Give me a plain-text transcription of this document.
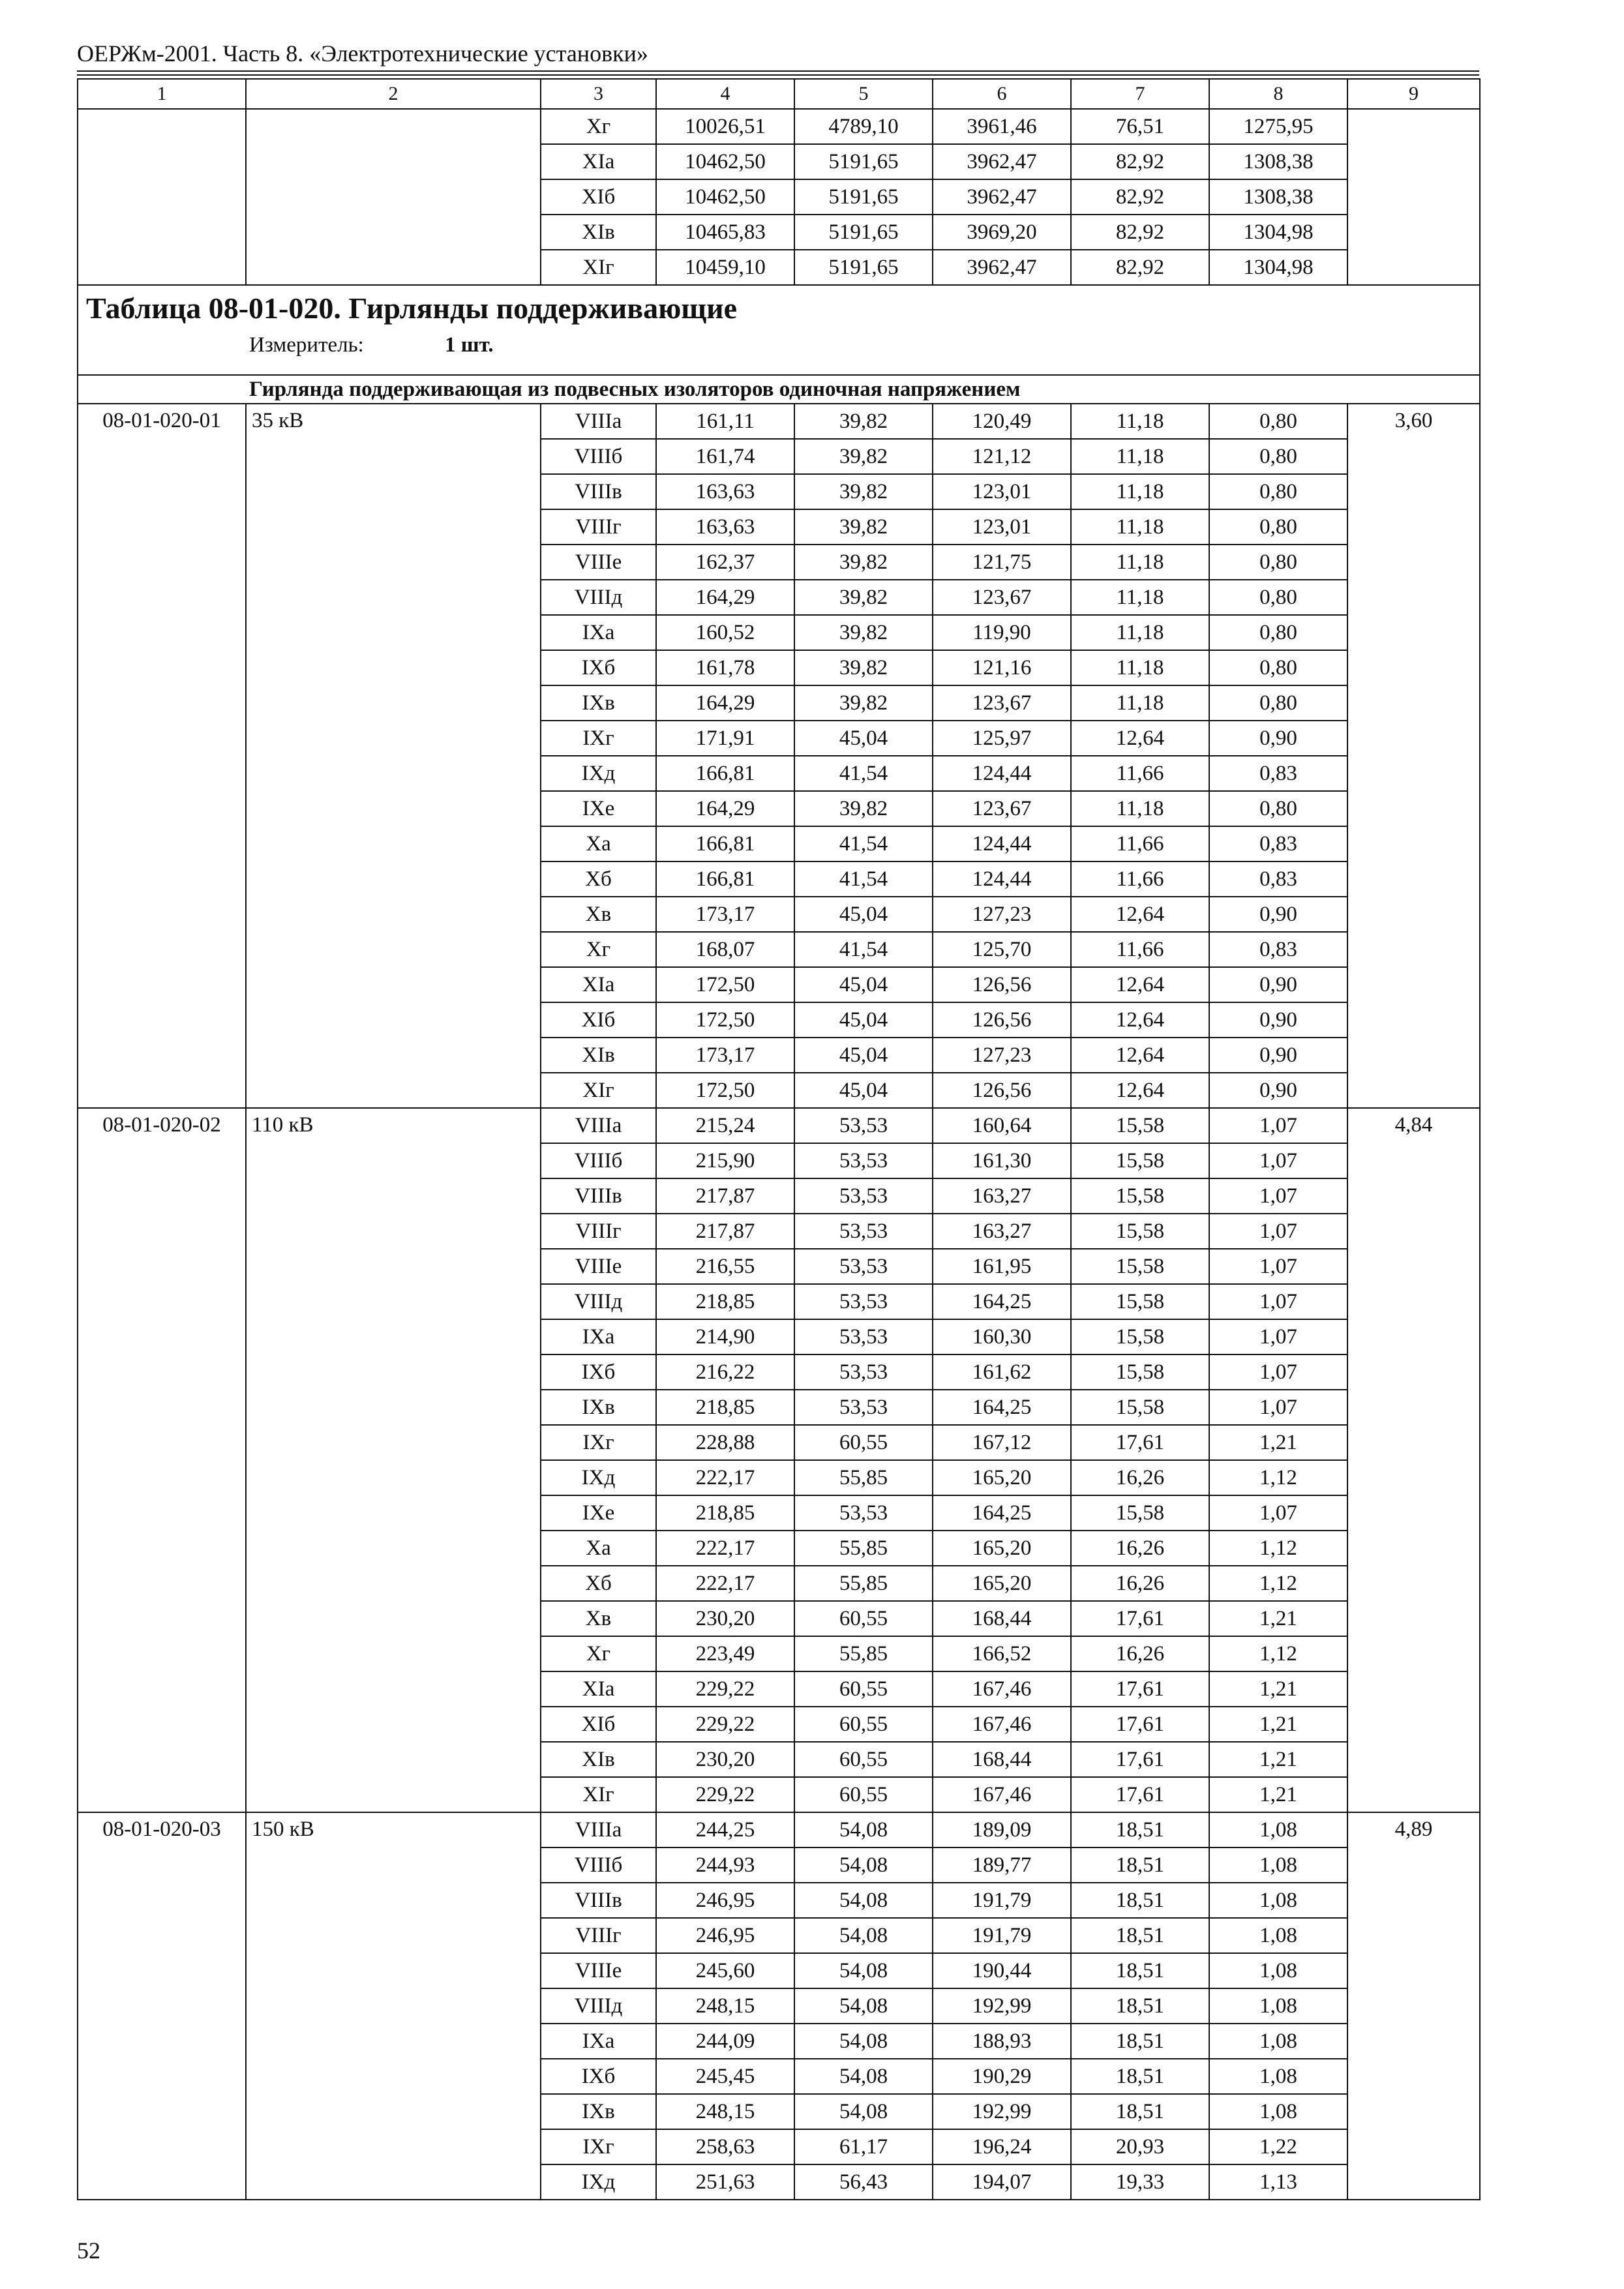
ОЕРЖм-2001. Часть 8. «Электротехнические установки»
1	2	3	4	5	6	7	8	9
		Хг	10026,51	4789,10	3961,46	76,51	1275,95	
		ХIа	10462,50	5191,65	3962,47	82,92	1308,38	
		ХIб	10462,50	5191,65	3962,47	82,92	1308,38	
		ХIв	10465,83	5191,65	3969,20	82,92	1304,98	
		ХIг	10459,10	5191,65	3962,47	82,92	1304,98	

Таблица 08-01-020. Гирлянды поддерживающие
Измеритель: 1 шт.								

Гирлянда поддерживающая из подвесных изоляторов одиночная напряжением								
08-01-020-01	35 кВ	VIIIа	161,11	39,82	120,49	11,18	0,80	3,60
		VIIIб	161,74	39,82	121,12	11,18	0,80	
		VIIIв	163,63	39,82	123,01	11,18	0,80	
		VIIIг	163,63	39,82	123,01	11,18	0,80	
		VIIIе	162,37	39,82	121,75	11,18	0,80	
		VIIIд	164,29	39,82	123,67	11,18	0,80	
		IХа	160,52	39,82	119,90	11,18	0,80	
		IХб	161,78	39,82	121,16	11,18	0,80	
		IХв	164,29	39,82	123,67	11,18	0,80	
		IХг	171,91	45,04	125,97	12,64	0,90	
		IХд	166,81	41,54	124,44	11,66	0,83	
		IХе	164,29	39,82	123,67	11,18	0,80	
		Ха	166,81	41,54	124,44	11,66	0,83	
		Хб	166,81	41,54	124,44	11,66	0,83	
		Хв	173,17	45,04	127,23	12,64	0,90	
		Хг	168,07	41,54	125,70	11,66	0,83	
		ХIа	172,50	45,04	126,56	12,64	0,90	
		ХIб	172,50	45,04	126,56	12,64	0,90	
		ХIв	173,17	45,04	127,23	12,64	0,90	
		ХIг	172,50	45,04	126,56	12,64	0,90	
08-01-020-02	110 кВ	VIIIа	215,24	53,53	160,64	15,58	1,07	4,84
		VIIIб	215,90	53,53	161,30	15,58	1,07	
		VIIIв	217,87	53,53	163,27	15,58	1,07	
		VIIIг	217,87	53,53	163,27	15,58	1,07	
		VIIIе	216,55	53,53	161,95	15,58	1,07	
		VIIIд	218,85	53,53	164,25	15,58	1,07	
		IХа	214,90	53,53	160,30	15,58	1,07	
		IХб	216,22	53,53	161,62	15,58	1,07	
		IХв	218,85	53,53	164,25	15,58	1,07	
		IХг	228,88	60,55	167,12	17,61	1,21	
		IХд	222,17	55,85	165,20	16,26	1,12	
		IХе	218,85	53,53	164,25	15,58	1,07	
		Ха	222,17	55,85	165,20	16,26	1,12	
		Хб	222,17	55,85	165,20	16,26	1,12	
		Хв	230,20	60,55	168,44	17,61	1,21	
		Хг	223,49	55,85	166,52	16,26	1,12	
		ХIа	229,22	60,55	167,46	17,61	1,21	
		ХIб	229,22	60,55	167,46	17,61	1,21	
		ХIв	230,20	60,55	168,44	17,61	1,21	
		ХIг	229,22	60,55	167,46	17,61	1,21	
08-01-020-03	150 кВ	VIIIа	244,25	54,08	189,09	18,51	1,08	4,89
		VIIIб	244,93	54,08	189,77	18,51	1,08	
		VIIIв	246,95	54,08	191,79	18,51	1,08	
		VIIIг	246,95	54,08	191,79	18,51	1,08	
		VIIIе	245,60	54,08	190,44	18,51	1,08	
		VIIIд	248,15	54,08	192,99	18,51	1,08	
		IХа	244,09	54,08	188,93	18,51	1,08	
		IХб	245,45	54,08	190,29	18,51	1,08	
		IХв	248,15	54,08	192,99	18,51	1,08	
		IХг	258,63	61,17	196,24	20,93	1,22	
		IХд	251,63	56,43	194,07	19,33	1,13	
52
